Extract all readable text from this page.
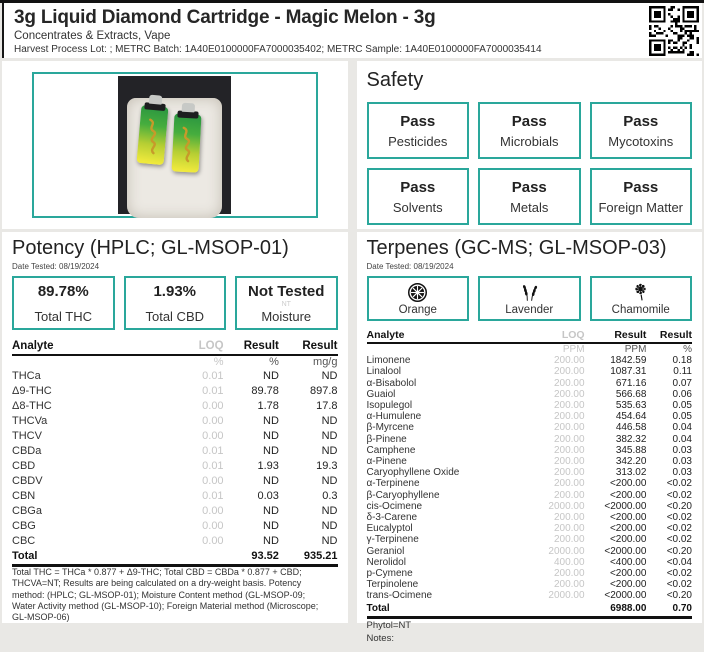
3g Liquid Diamond Cartridge - Magic Melon - 3g
Concentrates & Extracts, Vape
Harvest Process Lot: ; METRC Batch: 1A40E0100000FA7000035402; METRC Sample: 1A40E0100000FA7000035414
Potency (HPLC; GL-MSOP-01)
Date Tested: 08/19/2024
89.78%
Total THC
1.93%
Total CBD
Not Tested
NT
Moisture
Analyte	LOQ	Result	Result
	%	%	mg/g
THCa	0.01	ND	ND
Δ9-THC	0.01	89.78	897.8
Δ8-THC	0.00	1.78	17.8
THCVa	0.00	ND	ND
THCV	0.00	ND	ND
CBDa	0.01	ND	ND
CBD	0.01	1.93	19.3
CBDV	0.00	ND	ND
CBN	0.01	0.03	0.3
CBGa	0.00	ND	ND
CBG	0.00	ND	ND
CBC	0.00	ND	ND
Total		93.52	935.21
Total THC = THCa * 0.877 + Δ9-THC; Total CBD = CBDa * 0.877 + CBD; THCVA=NT; Results are being calculated on a dry-weight basis. Potency method: (HPLC; GL-MSOP-01); Moisture Content method (GL-MSOP-09; Water Activity method (GL-MSOP-10); Foreign Material method (Microscope; GL-MSOP-06)
Safety
Pass
Pesticides
Pass
Microbials
Pass
Mycotoxins
Pass
Solvents
Pass
Metals
Pass
Foreign Matter
Terpenes (GC-MS; GL-MSOP-03)
Date Tested: 08/19/2024
Orange	Lavender	Chamomile
Analyte	LOQ	Result	Result
	PPM	PPM	%
Limonene	200.00	1842.59	0.18
Linalool	200.00	1087.31	0.11
α-Bisabolol	200.00	671.16	0.07
Guaiol	200.00	566.68	0.06
Isopulegol	200.00	535.63	0.05
α-Humulene	200.00	454.64	0.05
β-Myrcene	200.00	446.58	0.04
β-Pinene	200.00	382.32	0.04
Camphene	200.00	345.88	0.03
α-Pinene	200.00	342.20	0.03
Caryophyllene Oxide	200.00	313.02	0.03
α-Terpinene	200.00	<200.00	<0.02
β-Caryophyllene	200.00	<200.00	<0.02
cis-Ocimene	2000.00	<2000.00	<0.20
δ-3-Carene	200.00	<200.00	<0.02
Eucalyptol	200.00	<200.00	<0.02
γ-Terpinene	200.00	<200.00	<0.02
Geraniol	2000.00	<2000.00	<0.20
Nerolidol	400.00	<400.00	<0.04
p-Cymene	200.00	<200.00	<0.02
Terpinolene	200.00	<200.00	<0.02
trans-Ocimene	2000.00	<2000.00	<0.20
Total		6988.00	0.70
Phytol=NT
Notes:
